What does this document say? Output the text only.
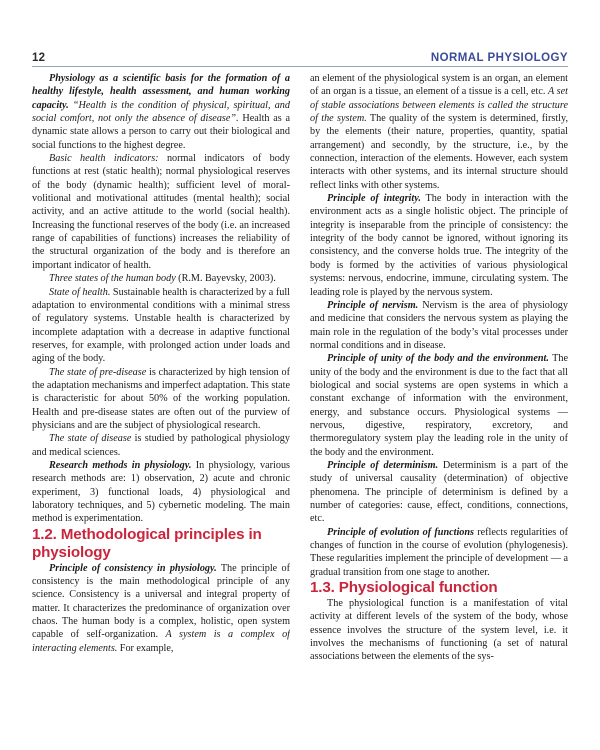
12	NORMAL PHYSIOLOGY

Physiology as a scientific basis for the formation of a healthy lifestyle, health assessment, and human working capacity. “Health is the condition of physical, spiritual, and social comfort, not only the absence of disease”. Health as a dynamic state allows a person to carry out their biological and social functions to the highest degree.

Basic health indicators: normal indicators of body functions at rest (static health); normal physiological reserves of the body (dynamic health); sufficient level of moral-volitional and motivational attitudes (mental health); social activity, and an active attitude to the world (social health). Increasing the functional reserves of the body (i.e. an increased range of capabilities of functions) increases the reliability of the structural organization of the body and is therefore an important indicator of health.

Three states of the human body (R.M. Bayevsky, 2003).

State of health. Sustainable health is characterized by a full adaptation to environmental conditions with a minimal stress of regulatory systems. Unstable health is characterized by incomplete adaptation with a decrease in adaptive functional reserves, for example, with prolonged action under loads and aging of the body.

The state of pre-disease is characterized by high tension of the adaptation mechanisms and imperfect adaptation. This state is characteristic for about 50% of the working population. Health and pre-disease states are often out of the purview of physicians and are the subject of physiological research.

The state of disease is studied by pathological physiology and medical sciences.

Research methods in physiology. In physiology, various research methods are: 1) observation, 2) acute and chronic experiment, 3) functional loads, 4) physiological and laboratory techniques, and 5) cybernetic modeling. The main method is experimentation.

1.2. Methodological principles in physiology

Principle of consistency in physiology. The principle of consistency is the main methodological principle of any science. Consistency is a universal and integral property of matter. It characterizes the predominance of organization over chaos. The human body is a complex, holistic, open system capable of self-organization. A system is a complex of interacting elements. For example,

an element of the physiological system is an organ, an element of an organ is a tissue, an element of a tissue is a cell, etc. A set of stable associations between elements is called the structure of the system. The quality of the system is determined, firstly, by the elements (their nature, properties, quantity, spatial arrangement) and secondly, by the structure, i.e., by the connection, interaction of the elements. However, each system interacts with other systems, and its internal structure should reflect links with other systems.

Principle of integrity. The body in interaction with the environment acts as a single holistic object. The principle of integrity is inseparable from the principle of consistency: the integrity of the body cannot be ignored, without ignoring its consistency, and the converse holds true. The integrity of the body is formed by the activities of various physiological systems: nervous, endocrine, immune, circulating system. The leading role is played by the nervous system.

Principle of nervism. Nervism is the area of physiology and medicine that considers the nervous system as playing the main role in the regulation of the body’s vital processes under normal conditions and in disease.

Principle of unity of the body and the environment. The unity of the body and the environment is due to the fact that all biological and social systems are open systems in which a constant exchange of information with the environment, energy, and substance occurs. Physiological systems — nervous, digestive, respiratory, excretory, and thermoregulatory system play the leading role in the unity of the body and the environment.

Principle of determinism. Determinism is a part of the study of universal causality (determination) of objective phenomena. The principle of determinism is defined by a number of categories: cause, effect, conditions, connections, etc.

Principle of evolution of functions reflects regularities of changes of function in the course of evolution (phylogenesis). These regularities implement the principle of development — a gradual transition from one stage to another.

1.3. Physiological function

The physiological function is a manifestation of vital activity at different levels of the system of the body, whose essence involves the structure of the system level, i.e. it involves the mechanisms of functioning (a set of natural associations between the elements of the sys-
